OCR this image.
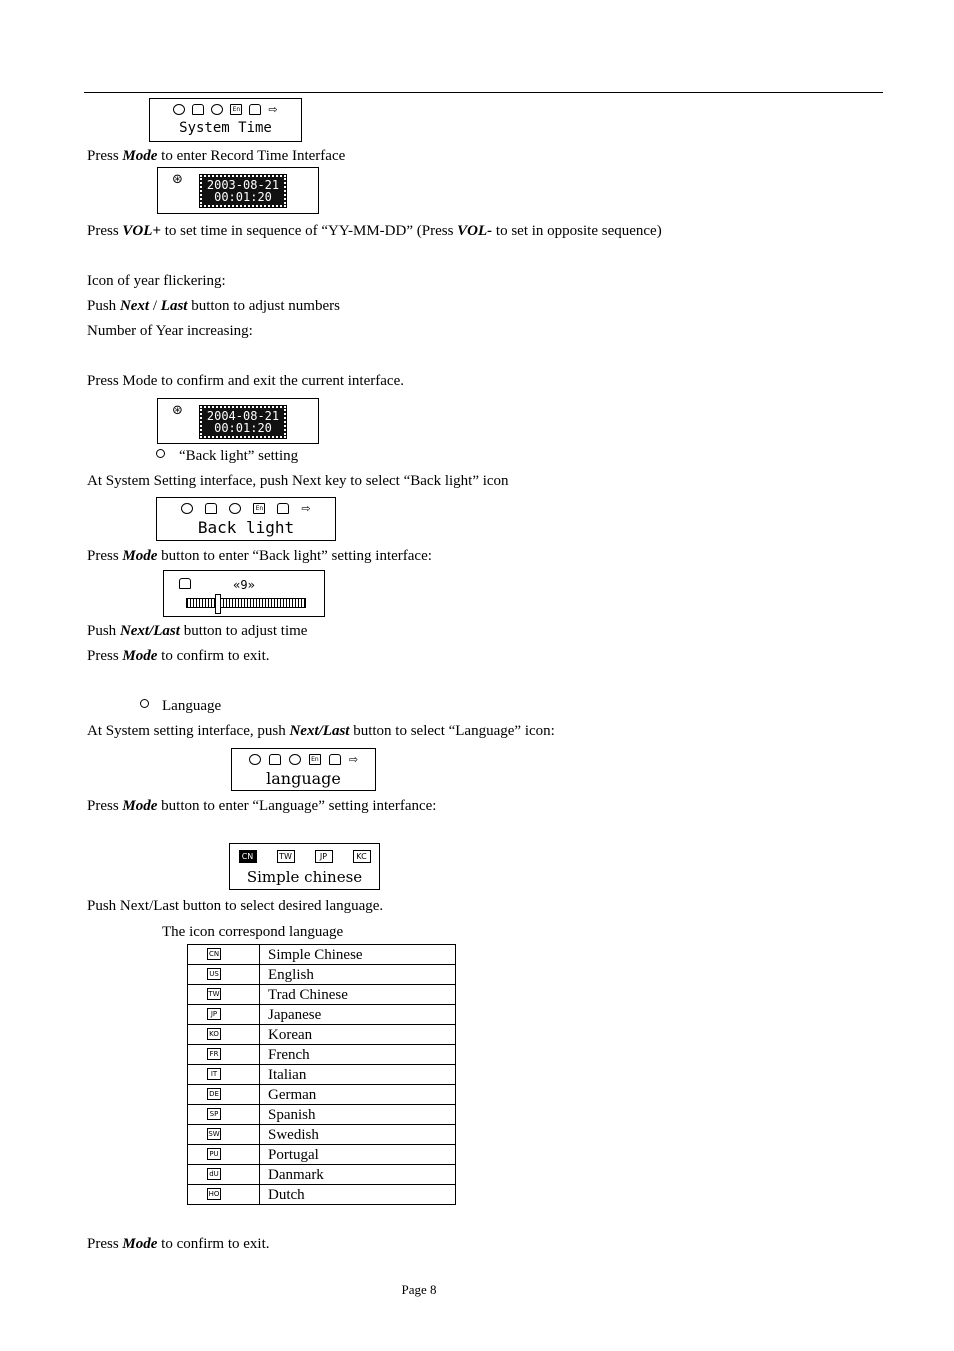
En	⇨
System Time
Press Mode to enter Record Time Interface
⊛ 2003-08-21
00:01:20
Press VOL+ to set time in sequence of “YY-MM-DD” (Press VOL- to set in opposite sequence)
Icon of year flickering:
Push Next / Last button to adjust numbers
Number of Year increasing:
Press Mode to confirm and exit the current interface.
⊛ 2004-08-21
00:01:20
“Back light” setting
At System Setting interface, push Next key to select “Back light” icon
En	⇨
Back light
Press Mode button to enter “Back light” setting interface:
«9»
Push Next/Last button to adjust time
Press Mode to confirm to exit.
Language
At System setting interface, push Next/Last button to select “Language” icon:
En	⇨
language
Press Mode button to enter “Language” setting interfance:
CN	TW	JP	KC
Simple chinese
Push Next/Last button to select desired language.
The icon correspond language
CN	Simple Chinese

US	English

TW	Trad Chinese

JP	Japanese

KO	Korean

FR	French

IT	Italian

DE	German

SP	Spanish

SW	Swedish

PU	Portugal

dU	Danmark

HO	Dutch
Press Mode to confirm to exit.
Page 8
